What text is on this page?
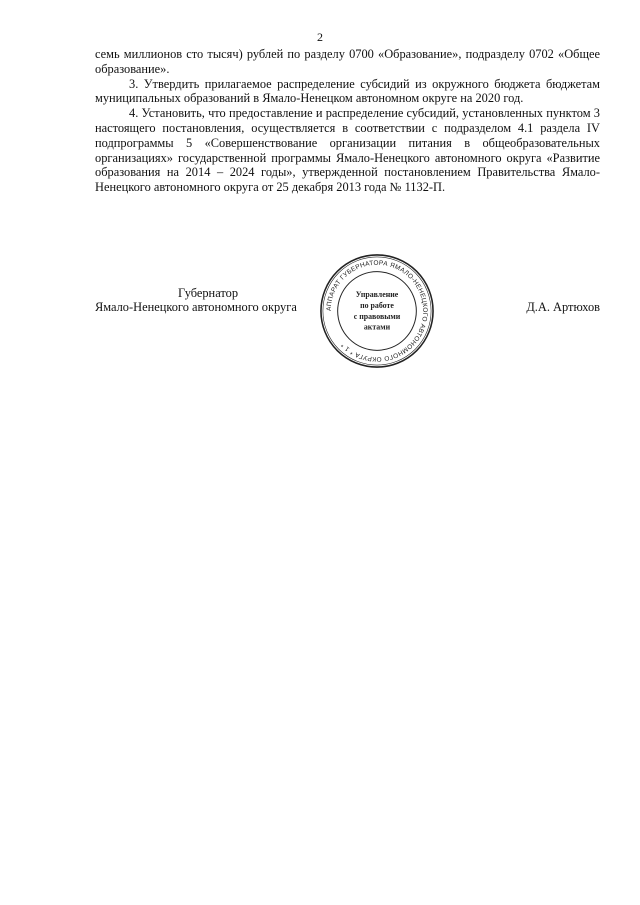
2

семь миллионов сто тысяч) рублей по разделу 0700 «Образование», подразделу 0702 «Общее образование».

3. Утвердить прилагаемое распределение субсидий из окружного бюджета бюджетам муниципальных образований в Ямало-Ненецком автономном округе на 2020 год.

4. Установить, что предоставление и распределение субсидий, установленных пунктом 3 настоящего постановления, осуществляется в соответствии с подразделом 4.1 раздела IV подпрограммы 5 «Совершенствование организации питания в общеобразовательных организациях» государственной программы Ямало-Ненецкого автономного округа «Развитие образования на 2014 – 2024 годы», утвержденной постановлением Правительства Ямало-Ненецкого автономного округа от 25 декабря 2013 года № 1132-П.

Губернатор
Ямало-Ненецкого автономного округа	Д.А. Артюхов
АППАРАТ ГУБЕРНАТОРА ЯМАЛО-НЕНЕЦКОГО АВТОНОМНОГО ОКРУГА * 1 *
Управление
по работе
с правовыми
актами
